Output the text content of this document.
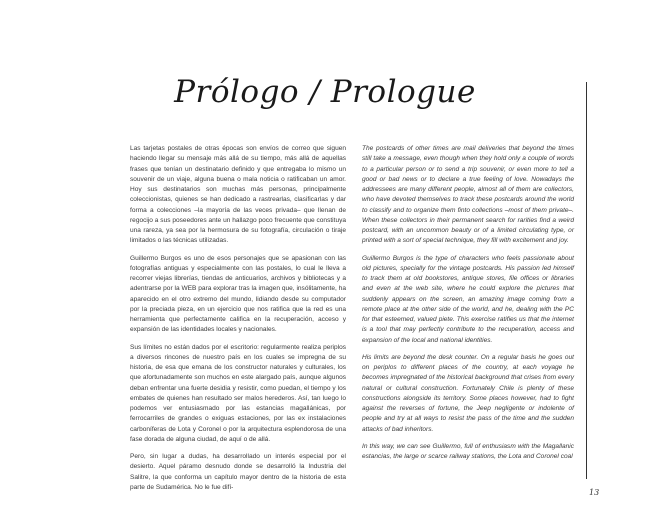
Prólogo / Prologue

Las tarjetas postales de otras épocas son envíos de correo que siguen haciendo llegar su mensaje más allá de su tiempo, más allá de aquellas frases que tenían un destinatario definido y que entregaba lo mismo un souvenir de un viaje, alguna buena o mala noticia o ratificaban un amor. Hoy sus destinatarios son muchas más personas, principalmente coleccionistas, quienes se han dedicado a rastrearlas, clasificarlas y dar forma a colecciones –la mayoría de las veces privada– que llenan de regocijo a sus poseedores ante un hallazgo poco frecuente que constituya una rareza, ya sea por la hermosura de su fotografía, circulación o tiraje limitados o las técnicas utilizadas.

Guillermo Burgos es uno de esos personajes que se apasionan con las fotografías antiguas y especialmente con las postales, lo cual le lleva a recorrer viejas librerías, tiendas de anticuarios, archivos y bibliotecas y a adentrarse por la WEB para explorar tras la imagen que, insólitamente, ha aparecido en el otro extremo del mundo, lidiando desde su computador por la preciada pieza, en un ejercicio que nos ratifica que la red es una herramienta que perfectamente califica en la recuperación, acceso y expansión de las identidades locales y nacionales.

Sus límites no están dados por el escritorio: regularmente realiza periplos a diversos rincones de nuestro país en los cuales se impregna de su historia, de esa que emana de los constructor naturales y culturales, los que afortunadamente son muchos en este alargado país, aunque algunos deban enfrentar una fuerte desidia y resistir, como puedan, el tiempo y los embates de quienes han resultado ser malos herederos. Así, tan luego lo podemos ver entusiasmado por las estancias magallánicas, por ferrocarriles de grandes o exiguas estaciones, por las ex instalaciones carboníferas de Lota y Coronel o por la arquitectura esplendorosa de una fase dorada de alguna ciudad, de aquí o de allá.

Pero, sin lugar a dudas, ha desarrollado un interés especial por el desierto. Aquel páramo desnudo donde se desarrolló la Industria del Salitre, la que conforma un capítulo mayor dentro de la historia de esta parte de Sudamérica. No le fue difí-

The postcards of other times are mail deliveries that beyond the times still take a message, even though when they hold only a couple of words to a particular person or to send a trip souvenir, or even more to tell a good or bad news or to declare a true feeling of love. Nowadays the addressees are many different people, almost all of them are collectors, who have devoted themselves to track these postcards around the world to classify and to organize them finto collections –most of them private–. When these collectors in their permanent search for rarities find a weird postcard, with an uncommon beauty or of a limited circulating type, or printed with a sort of special technique, they fill with excitement and joy.

Guillermo Burgos is the type of characters who feels passionate about old pictures, specially for the vintage postcards. His passion led himself to track them at old bookstores, antique stores, file offices or libraries and even at the web site, where he could explore the pictures that suddenly appears on the screen, an amazing image coming from a remote place at the other side of the world, and he, dealing with the PC for that esteemed, valued piete. This exercise ratifies us that the internet is a tool that may perfectly contribute to the recuperation, access and expansion of the local and national identities.

His limits are beyond the desk counter. On a regular basis he goes out on periplos to different places of the country, at each voyage he becomes impregnated of the historical background that crises from every natural or cultural construction. Fortunately Chile is plenty of these constructions alongside its territory. Some places however, had to fight against the reverses of fortune, the Jeep negligente or indolente of people and try at all ways to resist the pass of the time and the sudden attacks of bad inheritors.

In this way, we can see Guillermo, full of enthusiasm with the Magallanic estancias, the large or scarce railway stations, the Lota and Coronel coal

13
